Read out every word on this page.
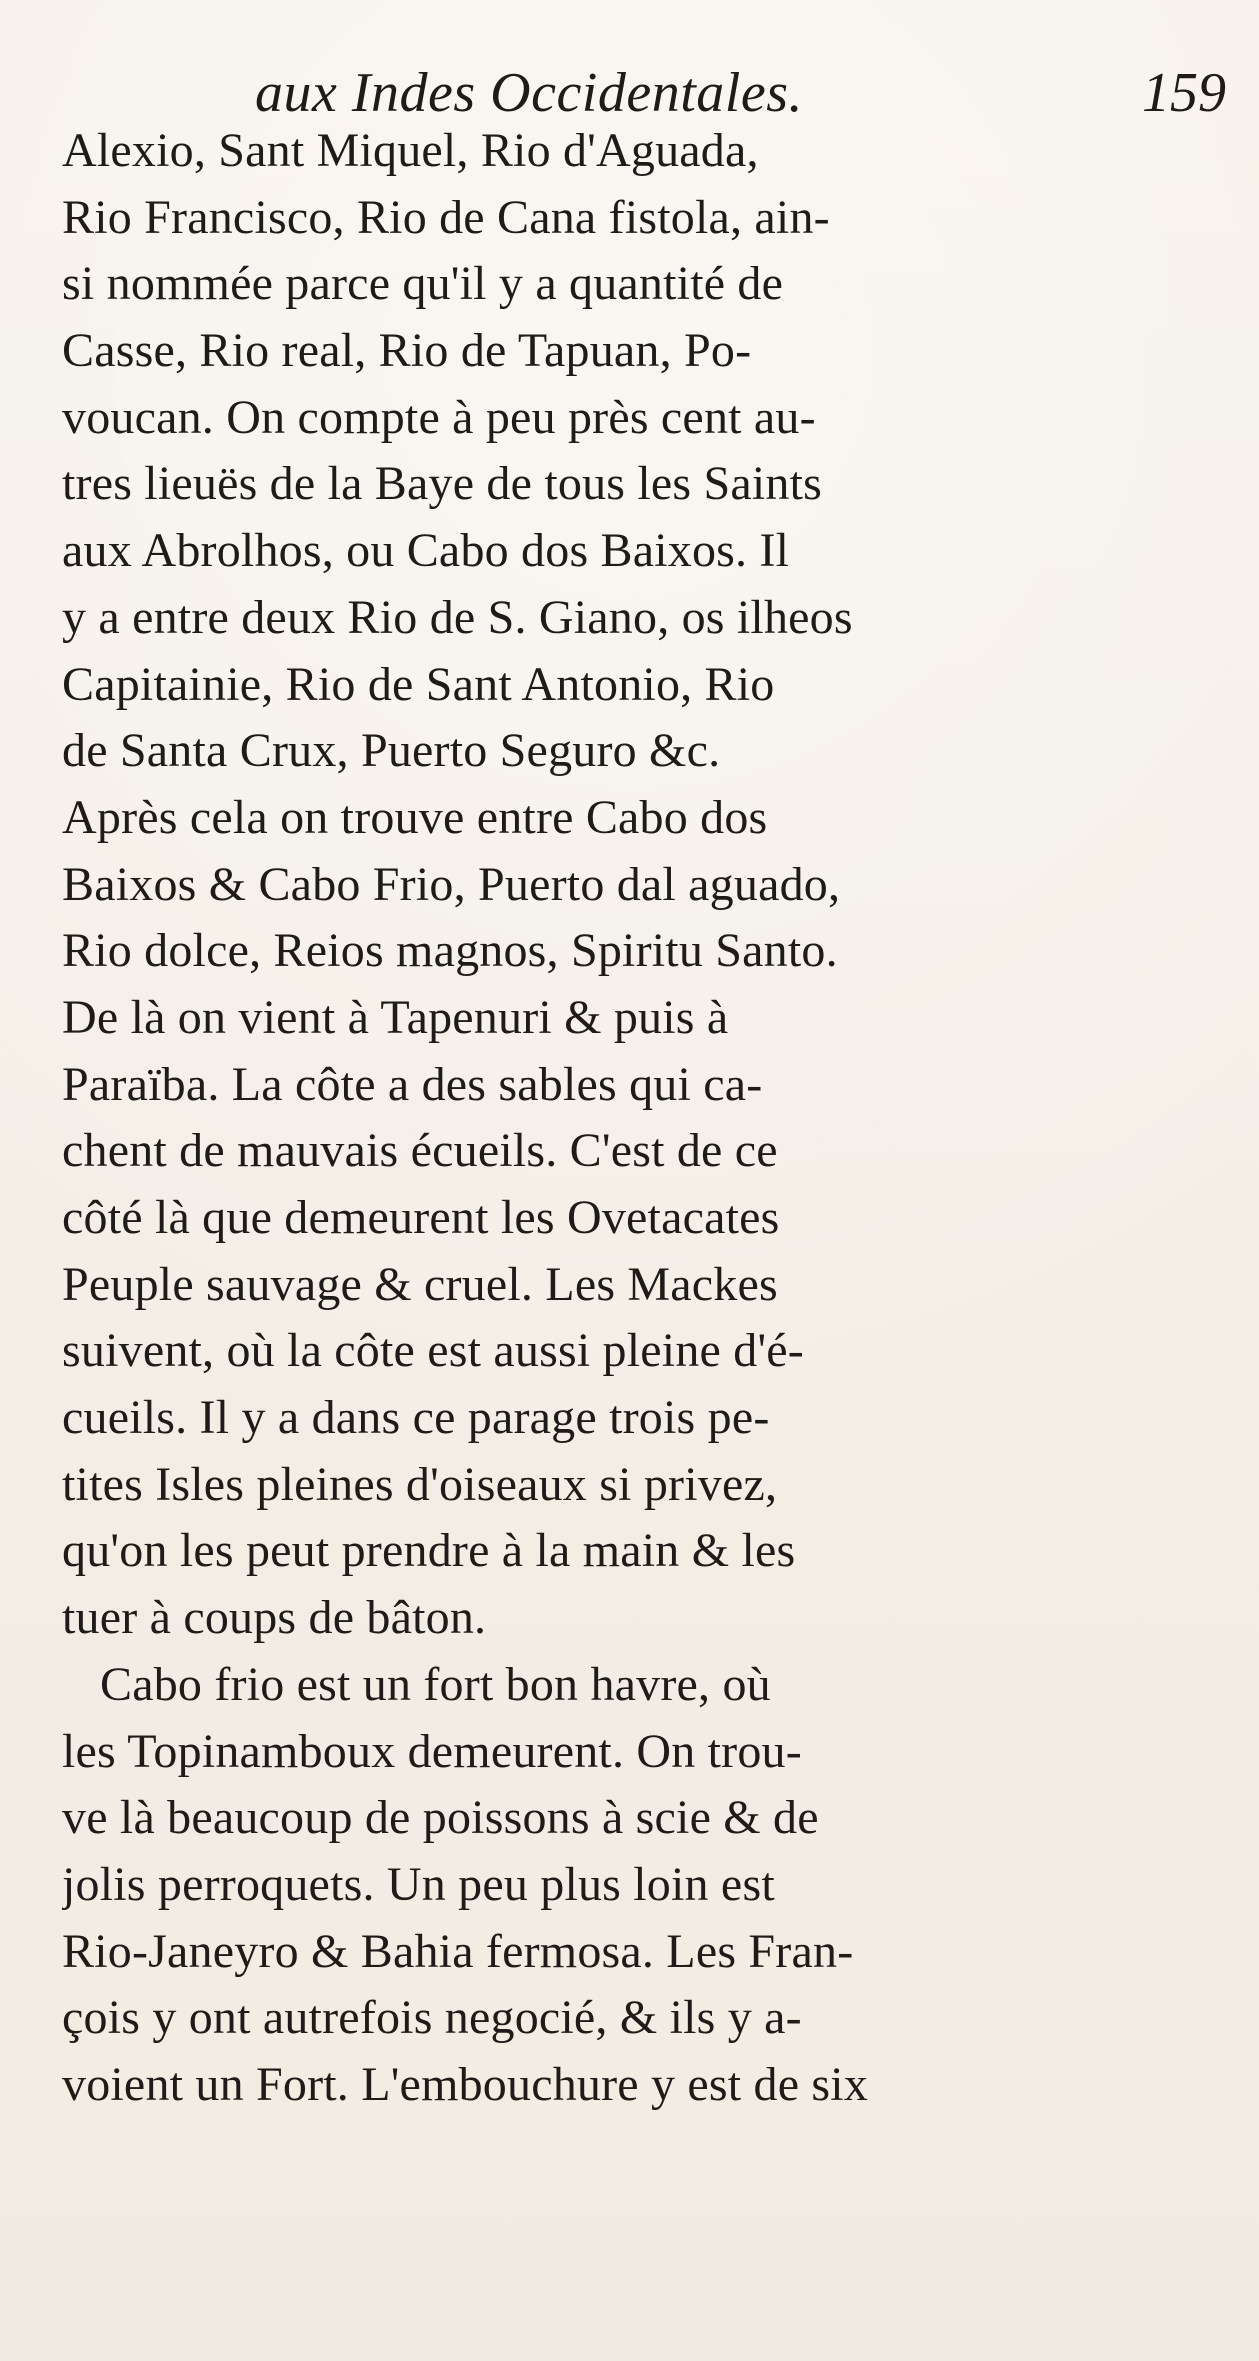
aux Indes Occidentales.	159
Alexio, Sant Miquel, Rio d'Aguada,
Rio Francisco, Rio de Cana fistola, ain-
si nommée parce qu'il y a quantité de
Casse, Rio real, Rio de Tapuan, Po-
voucan. On compte à peu près cent au-
tres lieuës de la Baye de tous les Saints
aux Abrolhos, ou Cabo dos Baixos. Il
y a entre deux Rio de S. Giano, os ilheos
Capitainie, Rio de Sant Antonio, Rio
de Santa Crux, Puerto Seguro &c.
Après cela on trouve entre Cabo dos
Baixos & Cabo Frio, Puerto dal aguado,
Rio dolce, Reios magnos, Spiritu Santo.
De là on vient à Tapenuri & puis à
Paraïba. La côte a des sables qui ca-
chent de mauvais écueils. C'est de ce
côté là que demeurent les Ovetacates
Peuple sauvage & cruel. Les Mackes
suivent, où la côte est aussi pleine d'é-
cueils. Il y a dans ce parage trois pe-
tites Isles pleines d'oiseaux si privez,
qu'on les peut prendre à la main & les
tuer à coups de bâton.
Cabo frio est un fort bon havre, où
les Topinamboux demeurent. On trou-
ve là beaucoup de poissons à scie & de
jolis perroquets. Un peu plus loin est
Rio-Janeyro & Bahia fermosa. Les Fran-
çois y ont autrefois negocié, & ils y a-
voient un Fort. L'embouchure y est de six
